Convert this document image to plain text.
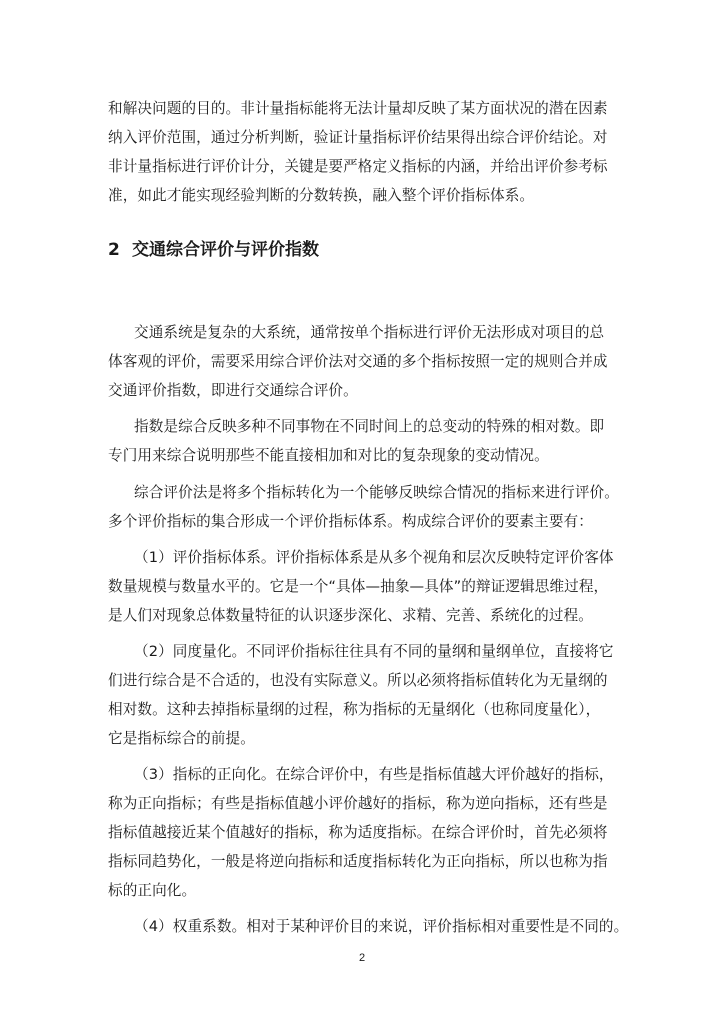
和解决问题的目的。非计量指标能将无法计量却反映了某方面状况的潜在因素
纳入评价范围，通过分析判断，验证计量指标评价结果得出综合评价结论。对
非计量指标进行评价计分，关键是要严格定义指标的内涵，并给出评价参考标
准，如此才能实现经验判断的分数转换，融入整个评价指标体系。
2 交通综合评价与评价指数
交通系统是复杂的大系统，通常按单个指标进行评价无法形成对项目的总
体客观的评价，需要采用综合评价法对交通的多个指标按照一定的规则合并成
交通评价指数，即进行交通综合评价。
指数是综合反映多种不同事物在不同时间上的总变动的特殊的相对数。即
专门用来综合说明那些不能直接相加和对比的复杂现象的变动情况。
综合评价法是将多个指标转化为一个能够反映综合情况的指标来进行评价。
多个评价指标的集合形成一个评价指标体系。构成综合评价的要素主要有：
（1）评价指标体系。评价指标体系是从多个视角和层次反映特定评价客体
数量规模与数量水平的。它是一个“具体—抽象—具体”的辩证逻辑思维过程，
是人们对现象总体数量特征的认识逐步深化、求精、完善、系统化的过程。
（2）同度量化。不同评价指标往往具有不同的量纲和量纲单位，直接将它
们进行综合是不合适的，也没有实际意义。所以必须将指标值转化为无量纲的
相对数。这种去掉指标量纲的过程，称为指标的无量纲化（也称同度量化），
它是指标综合的前提。
（3）指标的正向化。在综合评价中，有些是指标值越大评价越好的指标，
称为正向指标；有些是指标值越小评价越好的指标，称为逆向指标，还有些是
指标值越接近某个值越好的指标，称为适度指标。在综合评价时，首先必须将
指标同趋势化，一般是将逆向指标和适度指标转化为正向指标，所以也称为指
标的正向化。
（4）权重系数。相对于某种评价目的来说，评价指标相对重要性是不同的。
2
